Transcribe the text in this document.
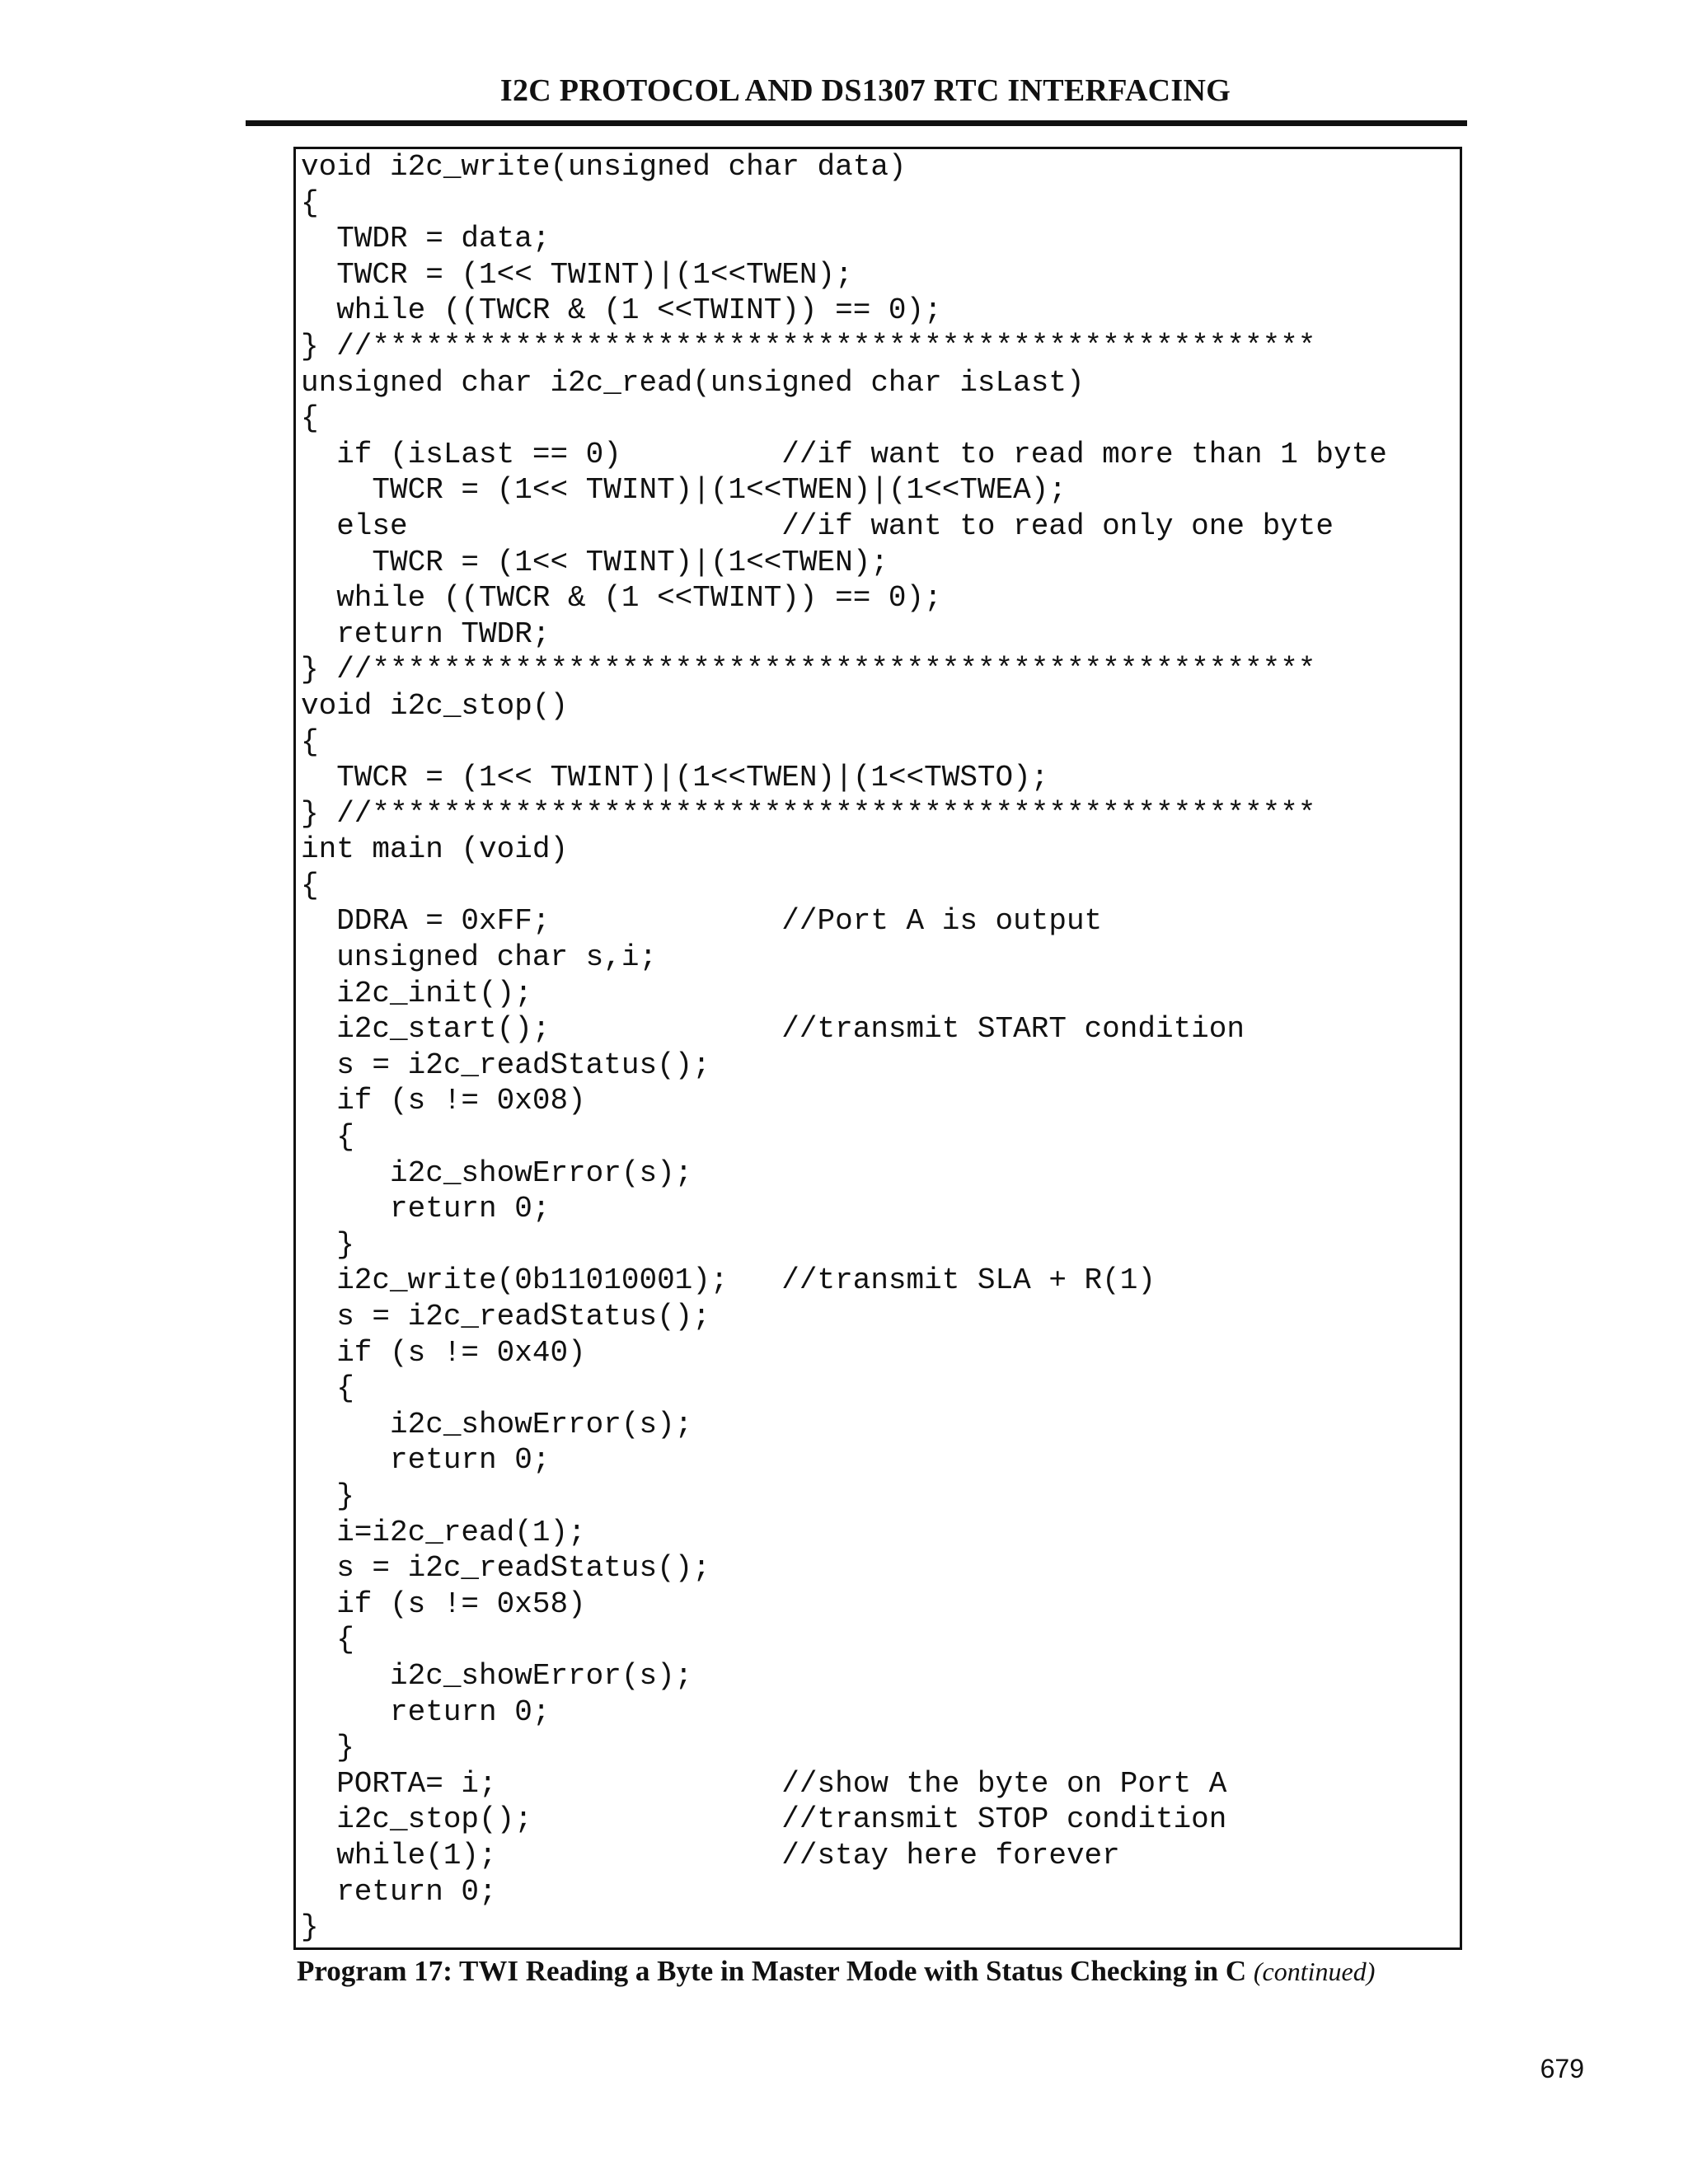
I2C PROTOCOL AND DS1307 RTC INTERFACING
void i2c_write(unsigned char data)
{
TWDR = data;
TWCR = (1<< TWINT)|(1<<TWEN);
while ((TWCR & (1 <<TWINT)) == 0);
} //*****************************************************
unsigned char i2c_read(unsigned char isLast)
{
if (isLast == 0)         //if want to read more than 1 byte
TWCR = (1<< TWINT)|(1<<TWEN)|(1<<TWEA);
else                     //if want to read only one byte
TWCR = (1<< TWINT)|(1<<TWEN);
while ((TWCR & (1 <<TWINT)) == 0);
return TWDR;
} //*****************************************************
void i2c_stop()
{
TWCR = (1<< TWINT)|(1<<TWEN)|(1<<TWSTO);
} //*****************************************************
int main (void)
{
DDRA = 0xFF;             //Port A is output
unsigned char s,i;
i2c_init();
i2c_start();             //transmit START condition
s = i2c_readStatus();
if (s != 0x08)
{
i2c_showError(s);
return 0;
}
i2c_write(0b11010001);   //transmit SLA + R(1)
s = i2c_readStatus();
if (s != 0x40)
{
i2c_showError(s);
return 0;
}
i=i2c_read(1);
s = i2c_readStatus();
if (s != 0x58)
{
i2c_showError(s);
return 0;
}
PORTA= i;                //show the byte on Port A
i2c_stop();              //transmit STOP condition
while(1);                //stay here forever
return 0;
}
Program 17: TWI Reading a Byte in Master Mode with Status Checking in C (continued)
679
